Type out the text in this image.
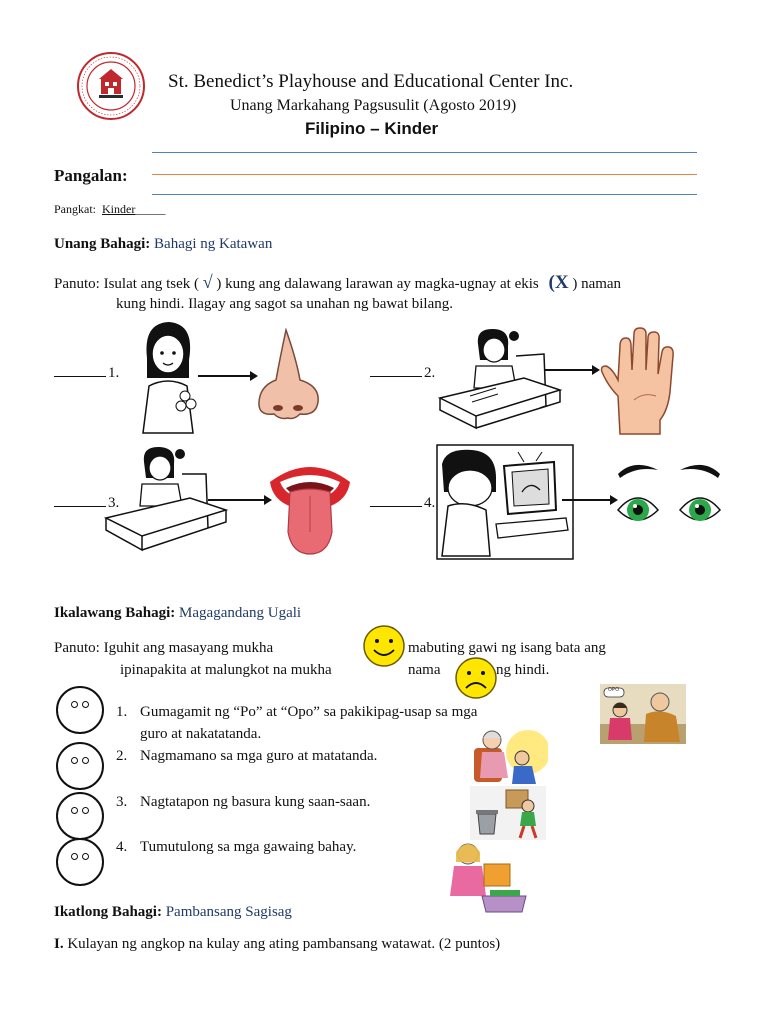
St. Benedict’s Playhouse and Educational Center Inc.
Unang Markahang Pagsusulit (Agosto 2019)
Filipino – Kinder
Pangalan:
Pangkat: Kinder_____
Unang Bahagi: Bahagi ng Katawan
Panuto: Isulat ang tsek ( √ ) kung ang dalawang larawan ay magka-ugnay at ekis (X ) naman
kung hindi. Ilagay ang sagot sa unahan ng bawat bilang.
1.	2.
3.	4.
Ikalawang Bahagi: Magagandang Ugali
Panuto: Iguhit ang masayang mukha	mabuting gawi ng isang bata ang
ipinapakita at malungkot na mukha	nama	ng hindi.
1. Gumagamit ng “Po” at “Opo” sa pakikipag-usap sa mga
guro at nakatatanda.
2. Nagmamano sa mga guro at matatanda.
3. Nagtatapon ng basura kung saan-saan.
4. Tumutulong sa mga gawaing bahay.
OPO
Ikatlong Bahagi: Pambansang Sagisag
I. Kulayan ng angkop na kulay ang ating pambansang watawat. (2 puntos)
